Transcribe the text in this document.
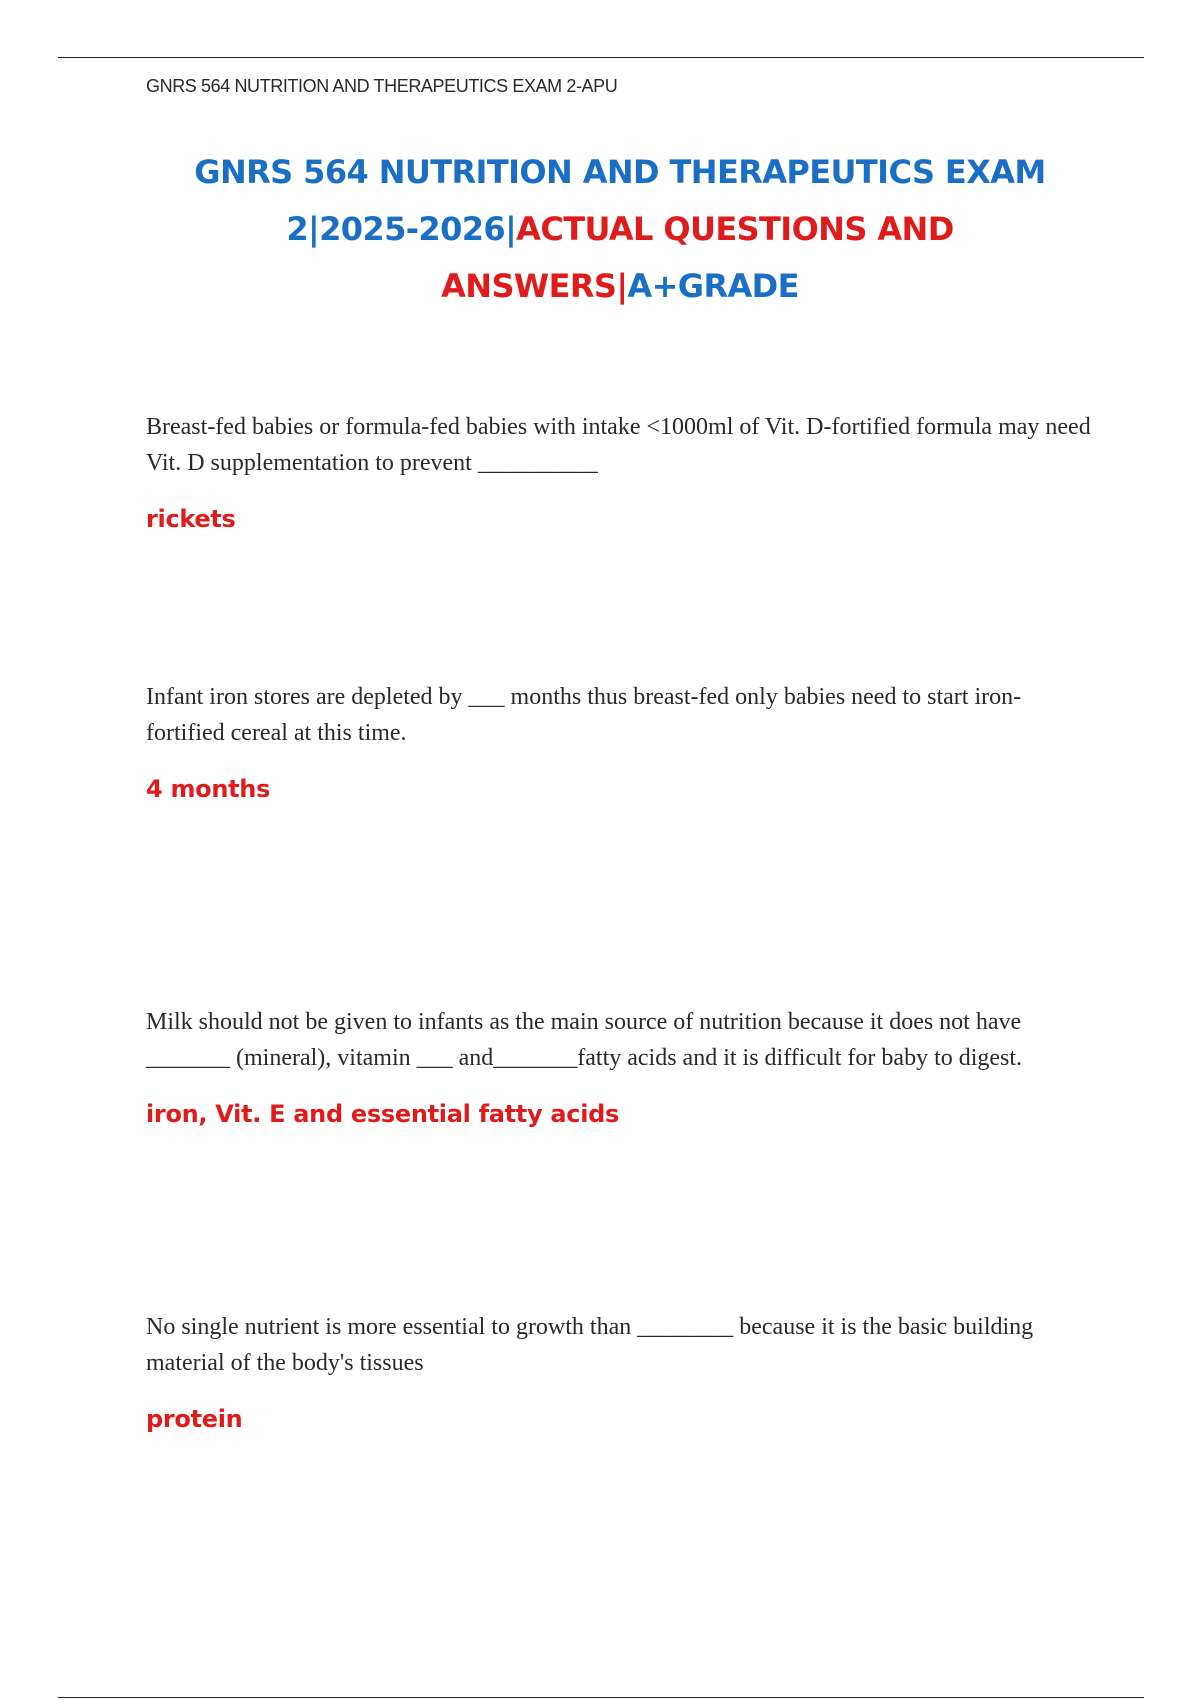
GNRS 564 NUTRITION AND THERAPEUTICS EXAM 2-APU
GNRS 564 NUTRITION AND THERAPEUTICS EXAM
2|2025-2026|ACTUAL QUESTIONS AND
ANSWERS|A+GRADE

Breast-fed babies or formula-fed babies with intake <1000ml of Vit. D-fortified formula may need Vit. D supplementation to prevent __________

rickets

Infant iron stores are depleted by ___ months thus breast-fed only babies need to start iron-fortified cereal at this time.

4 months

Milk should not be given to infants as the main source of nutrition because it does not have _______ (mineral), vitamin ___ and_______fatty acids and it is difficult for baby to digest.

iron, Vit. E and essential fatty acids

No single nutrient is more essential to growth than ________ because it is the basic building material of the body's tissues

protein
